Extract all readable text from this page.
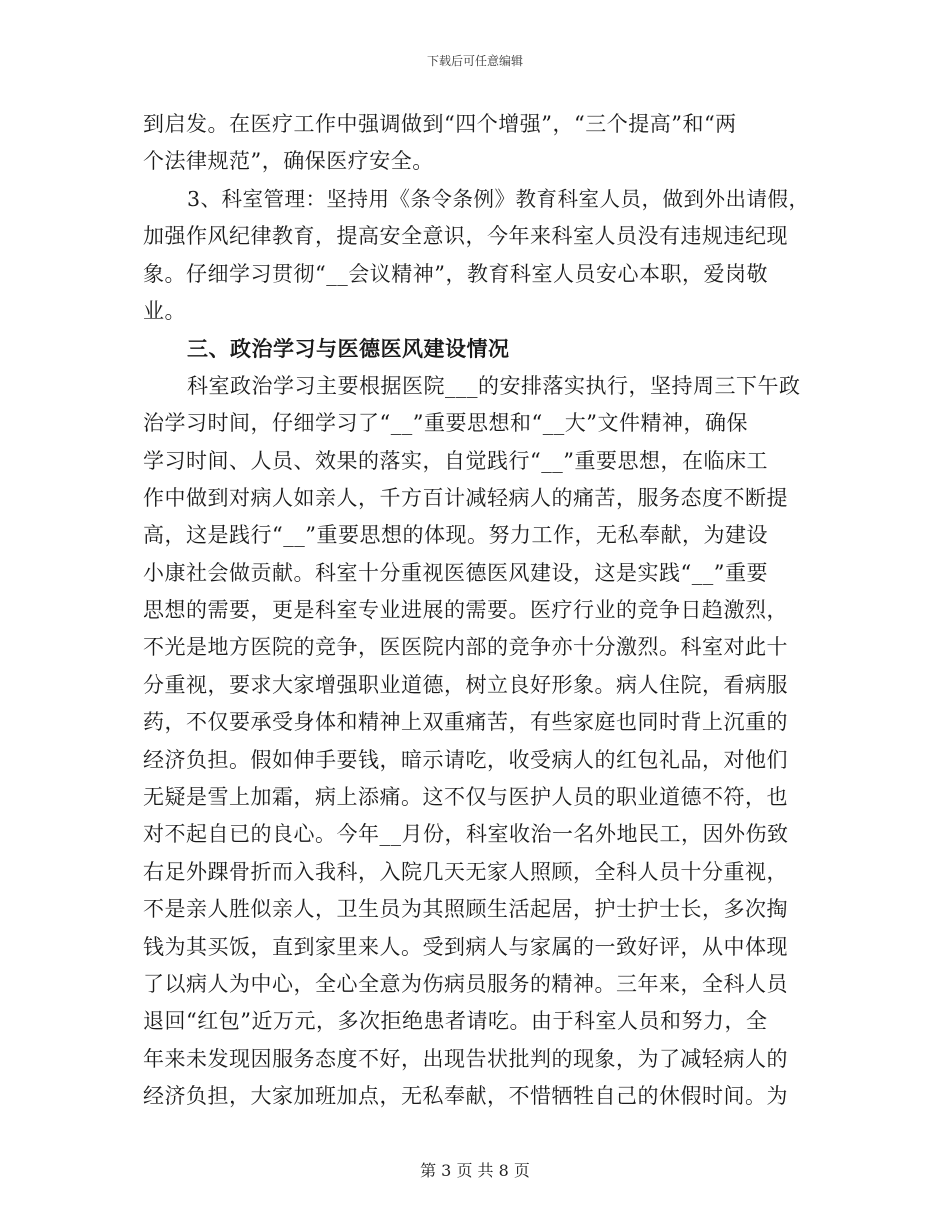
下载后可任意编辑
到启发。在医疗工作中强调做到“四个增强”，“三个提高”和“两
个法律规范”，确保医疗安全。
3、科室管理：坚持用《条令条例》教育科室人员，做到外出请假，
加强作风纪律教育，提高安全意识，今年来科室人员没有违规违纪现
象。仔细学习贯彻“__会议精神”，教育科室人员安心本职，爱岗敬
业。
三、政治学习与医德医风建设情况
科室政治学习主要根据医院___的安排落实执行，坚持周三下午政
治学习时间，仔细学习了“__”重要思想和“__大”文件精神，确保
学习时间、人员、效果的落实，自觉践行“__”重要思想，在临床工
作中做到对病人如亲人，千方百计减轻病人的痛苦，服务态度不断提
高，这是践行“__”重要思想的体现。努力工作，无私奉献，为建设
小康社会做贡献。科室十分重视医德医风建设，这是实践“__”重要
思想的需要，更是科室专业进展的需要。医疗行业的竞争日趋激烈，
不光是地方医院的竞争，医医院内部的竞争亦十分激烈。科室对此十
分重视，要求大家增强职业道德，树立良好形象。病人住院，看病服
药，不仅要承受身体和精神上双重痛苦，有些家庭也同时背上沉重的
经济负担。假如伸手要钱，暗示请吃，收受病人的红包礼品，对他们
无疑是雪上加霜，病上添痛。这不仅与医护人员的职业道德不符，也
对不起自已的良心。今年__月份，科室收治一名外地民工，因外伤致
右足外踝骨折而入我科，入院几天无家人照顾，全科人员十分重视，
不是亲人胜似亲人，卫生员为其照顾生活起居，护士护士长，多次掏
钱为其买饭，直到家里来人。受到病人与家属的一致好评，从中体现
了以病人为中心，全心全意为伤病员服务的精神。三年来，全科人员
退回“红包”近万元，多次拒绝患者请吃。由于科室人员和努力，全
年来未发现因服务态度不好，出现告状批判的现象，为了减轻病人的
经济负担，大家加班加点，无私奉献，不惜牺牲自己的休假时间。为
第 3 页 共 8 页
